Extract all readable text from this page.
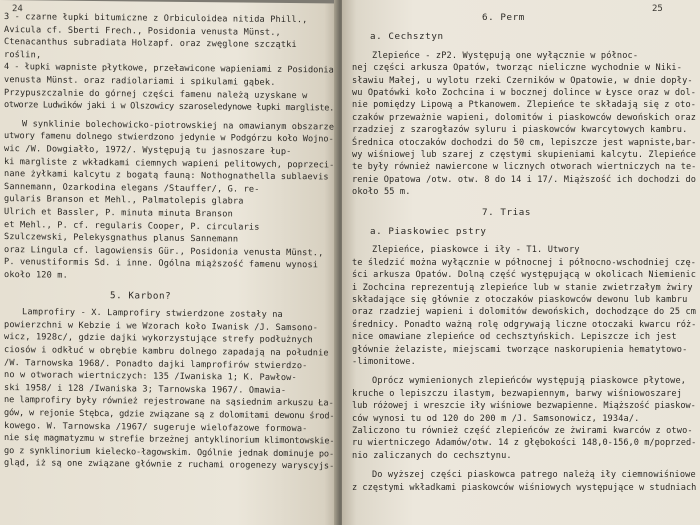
24
3 - czarne łupki bitumiczne z Orbiculoidea nitida Phill.,
Avicula cf. Sberti Frech., Posidonia venusta Münst.,
Ctenacanthus subradiata Holzapf. oraz zwęglone szczątki
roślin,
4 - łupki wapniste płytkowe, przeławicone wapieniami z Posidonia
venusta Münst. oraz radiolariami i spikulami gąbek.
Przypuszczalnie do górnej części famenu należą uzyskane w
otworze Ludwików jaki i w Olszowicy szaroseledynowe łupki margliste.
W synklinie bolechowicko-piotrowskiej na omawianym obszarze
utwory famenu dolnego stwierdzono jedynie w Podgórzu koło Wojno-
wic /W. Dowgiałło, 1972/. Występują tu jasnoszare łup-
ki margliste z wkładkami ciemnych wapieni pelitowych, poprzeci-
nane żyłkami kalcytu z bogatą fauną: Nothognathella sublaevis
Sannemann, Ozarkodina elegans /Stauffer/, G. re-
gularis Branson et Mehl., Palmatolepis glabra
Ulrich et Bassler, P. minuta minuta Branson
et Mehl., P. cf. regularis Cooper, P. circularis
Szulczewski, Pelekysgnathus planus Sannemann
oraz Lingula cf. lagowiensis Gür., Posidonia venusta Münst.,
P. venustiformis Sd. i inne. Ogólna miąższość famenu wynosi
około 120 m.
5. Karbon?
Lamprofiry - X. Lamprofiry stwierdzone zostały na
powierzchni w Kebzie i we Wzorach koło Iwanisk /J. Samsono-
wicz, 1928c/, gdzie dajki wykorzystujące strefy podłużnych
ciosów i odkłuć w obrębie kambru dolnego zapadają na południe
/W. Tarnowska 1968/. Ponadto dajki lamprofirów stwierdzo-
no w otworach wiertniczych: 135 /Iwaniska 1; K. Pawłow-
ski 1958/ i 128 /Iwaniska 3; Tarnowska 1967/. Omawia-
ne lamprofiry były również rejestrowane na sąsiednim arkuszu Ła-
gów, w rejonie Stębca, gdzie związane są z dolomitami dewonu środ-
kowego. W. Tarnowska /1967/ sugeruje wielofazowe formowa-
nie się magmatyzmu w strefie brzeżnej antyklinorium klimontowskie-
go z synklinorium kielecko-łagowskim. Ogólnie jednak dominuje po-
gląd, iż są one związane głównie z ruchami orogenezy waryscyjs-
25
6. Perm
a. Cechsztyn
Zlepieńce - zP2. Występują one wyłącznie w północ-
nej części arkusza Opatów, tworząc nieliczne wychodnie w Niki-
sławiu Małej, u wylotu rzeki Czerników w Opatowie, w dnie dopły-
wu Opatówki koło Zochcina i w bocznej dolince w Łysce oraz w dol-
nie pomiędzy Lipową a Ptkanowem. Zlepieńce te składają się z oto-
czaków przeważnie wapieni, dolomitów i piaskowców dewońskich oraz
rzadziej z szarogłazów syluru i piaskowców kwarcytowych kambru.
Średnica otoczaków dochodzi do 50 cm, lepiszcze jest wapniste,bar-
wy wiśniowej lub szarej z częstymi skupieniami kalcytu. Zlepieńce
te były również nawiercone w licznych otworach wiertniczych na te-
renie Opatowa /otw. otw. 8 do 14 i 17/. Miąższość ich dochodzi do
około 55 m.
7. Trias
a. Piaskowiec pstry
Zlepieńce, piaskowce i iły - T1. Utwory
te śledzić można wyłącznie w północnej i północno-wschodniej czę-
ści arkusza Opatów. Dolną część występującą w okolicach Niemienic
i Zochcina reprezentują zlepieńce lub w stanie zwietrzałym żwiry
składające się głównie z otoczaków piaskowców dewonu lub kambru
oraz rzadziej wapieni i dolomitów dewońskich, dochodzące do 25 cm
średnicy. Ponadto ważną rolę odgrywają liczne otoczaki kwarcu róż-
nice omawiane zlepieńce od cechsztyńskich. Lepiszcze ich jest
głównie żelaziste, miejscami tworzące naskorupienia hematytowo-
-limonitowe.
Oprócz wymienionych zlepieńców występują piaskowce płytowe,
kruche o lepiszczu ilastym, bezwapiennym, barwy wiśniowoszarej
lub różowej i wreszcie iły wiśniowe bezwapienne. Miąższość piaskow-
ców wynosi tu od 120 do 200 m /J. Samsonowicz, 1934a/.
Zaliczono tu również część zlepieńców ze żwirami kwarców z otwo-
ru wiertniczego Adamów/otw. 14 z głębokości 148,0-156,0 m/poprzed-
nio zaliczanych do cechsztynu.
Do wyższej części piaskowca patrego należą iły ciemnowiśniowe
z częstymi wkładkami piaskowców wiśniowych występujące w studniach
